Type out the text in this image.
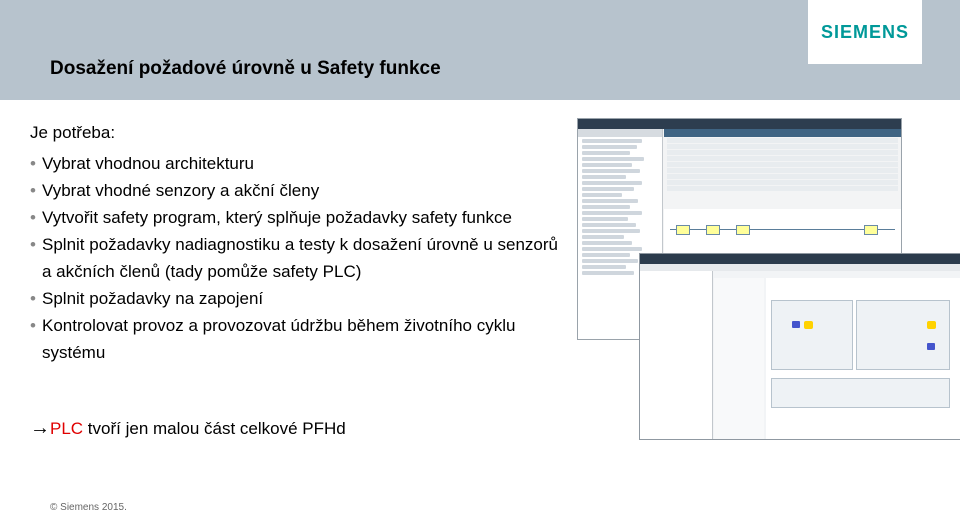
SIEMENS
Dosažení požadové úrovně u Safety funkce
Je potřeba:
• Vybrat vhodnou architekturu
• Vybrat vhodné senzory a akční členy
• Vytvořit safety program, který splňuje požadavky safety funkce
• Splnit požadavky nadiagnostiku a testy k dosažení úrovně u senzorů a akčních členů (tady pomůže safety PLC)
• Splnit požadavky na zapojení
• Kontrolovat provoz a provozovat údržbu během životního cyklu systému
→PLC tvoří jen malou část celkové PFHd
© Siemens 2015.
